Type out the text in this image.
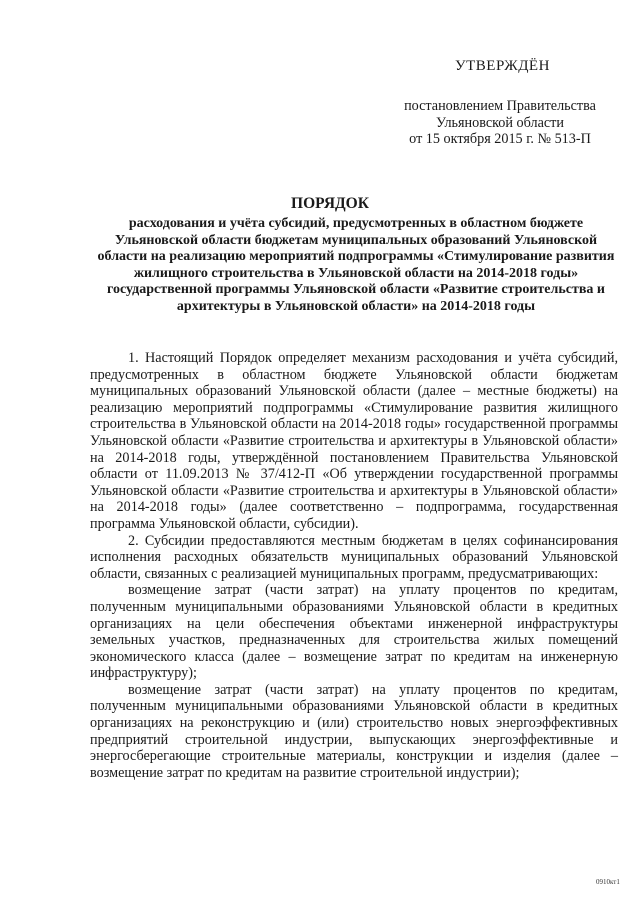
УТВЕРЖДЁН
постановлением Правительства
Ульяновской области
от 15 октября 2015 г. № 513-П
ПОРЯДОК
расходования и учёта субсидий, предусмотренных в областном бюджете Ульяновской области бюджетам муниципальных образований Ульяновской области на реализацию мероприятий подпрограммы «Стимулирование развития жилищного строительства в Ульяновской области на 2014-2018 годы» государственной программы Ульяновской области «Развитие строительства и архитектуры в Ульяновской области» на 2014-2018 годы

1. Настоящий Порядок определяет механизм расходования и учёта субсидий, предусмотренных в областном бюджете Ульяновской области бюджетам муниципальных образований Ульяновской области (далее – местные бюджеты) на реализацию мероприятий подпрограммы «Стимулирование развития жилищного строительства в Ульяновской области на 2014-2018 годы» государственной программы Ульяновской области «Развитие строительства и архитектуры в Ульяновской области» на 2014-2018 годы, утверждённой постановлением Правительства Ульяновской области от 11.09.2013 № 37/412-П «Об утверждении государственной программы Ульяновской области «Развитие строительства и архитектуры в Ульяновской области» на 2014-2018 годы» (далее соответственно – подпрограмма, государственная программа Ульяновской области, субсидии).

2. Субсидии предоставляются местным бюджетам в целях софинансирования исполнения расходных обязательств муниципальных образований Ульяновской области, связанных с реализацией муниципальных программ, предусматривающих:

возмещение затрат (части затрат) на уплату процентов по кредитам, полученным муниципальными образованиями Ульяновской области в кредитных организациях на цели обеспечения объектами инженерной инфраструктуры земельных участков, предназначенных для строительства жилых помещений экономического класса (далее – возмещение затрат по кредитам на инженерную инфраструктуру);

возмещение затрат (части затрат) на уплату процентов по кредитам, полученным муниципальными образованиями Ульяновской области в кредитных организациях на реконструкцию и (или) строительство новых энергоэффективных предприятий строительной индустрии, выпускающих энергоэффективные и энергосберегающие строительные материалы, конструкции и изделия (далее – возмещение затрат по кредитам на развитие строительной индустрии);

0910кт1
